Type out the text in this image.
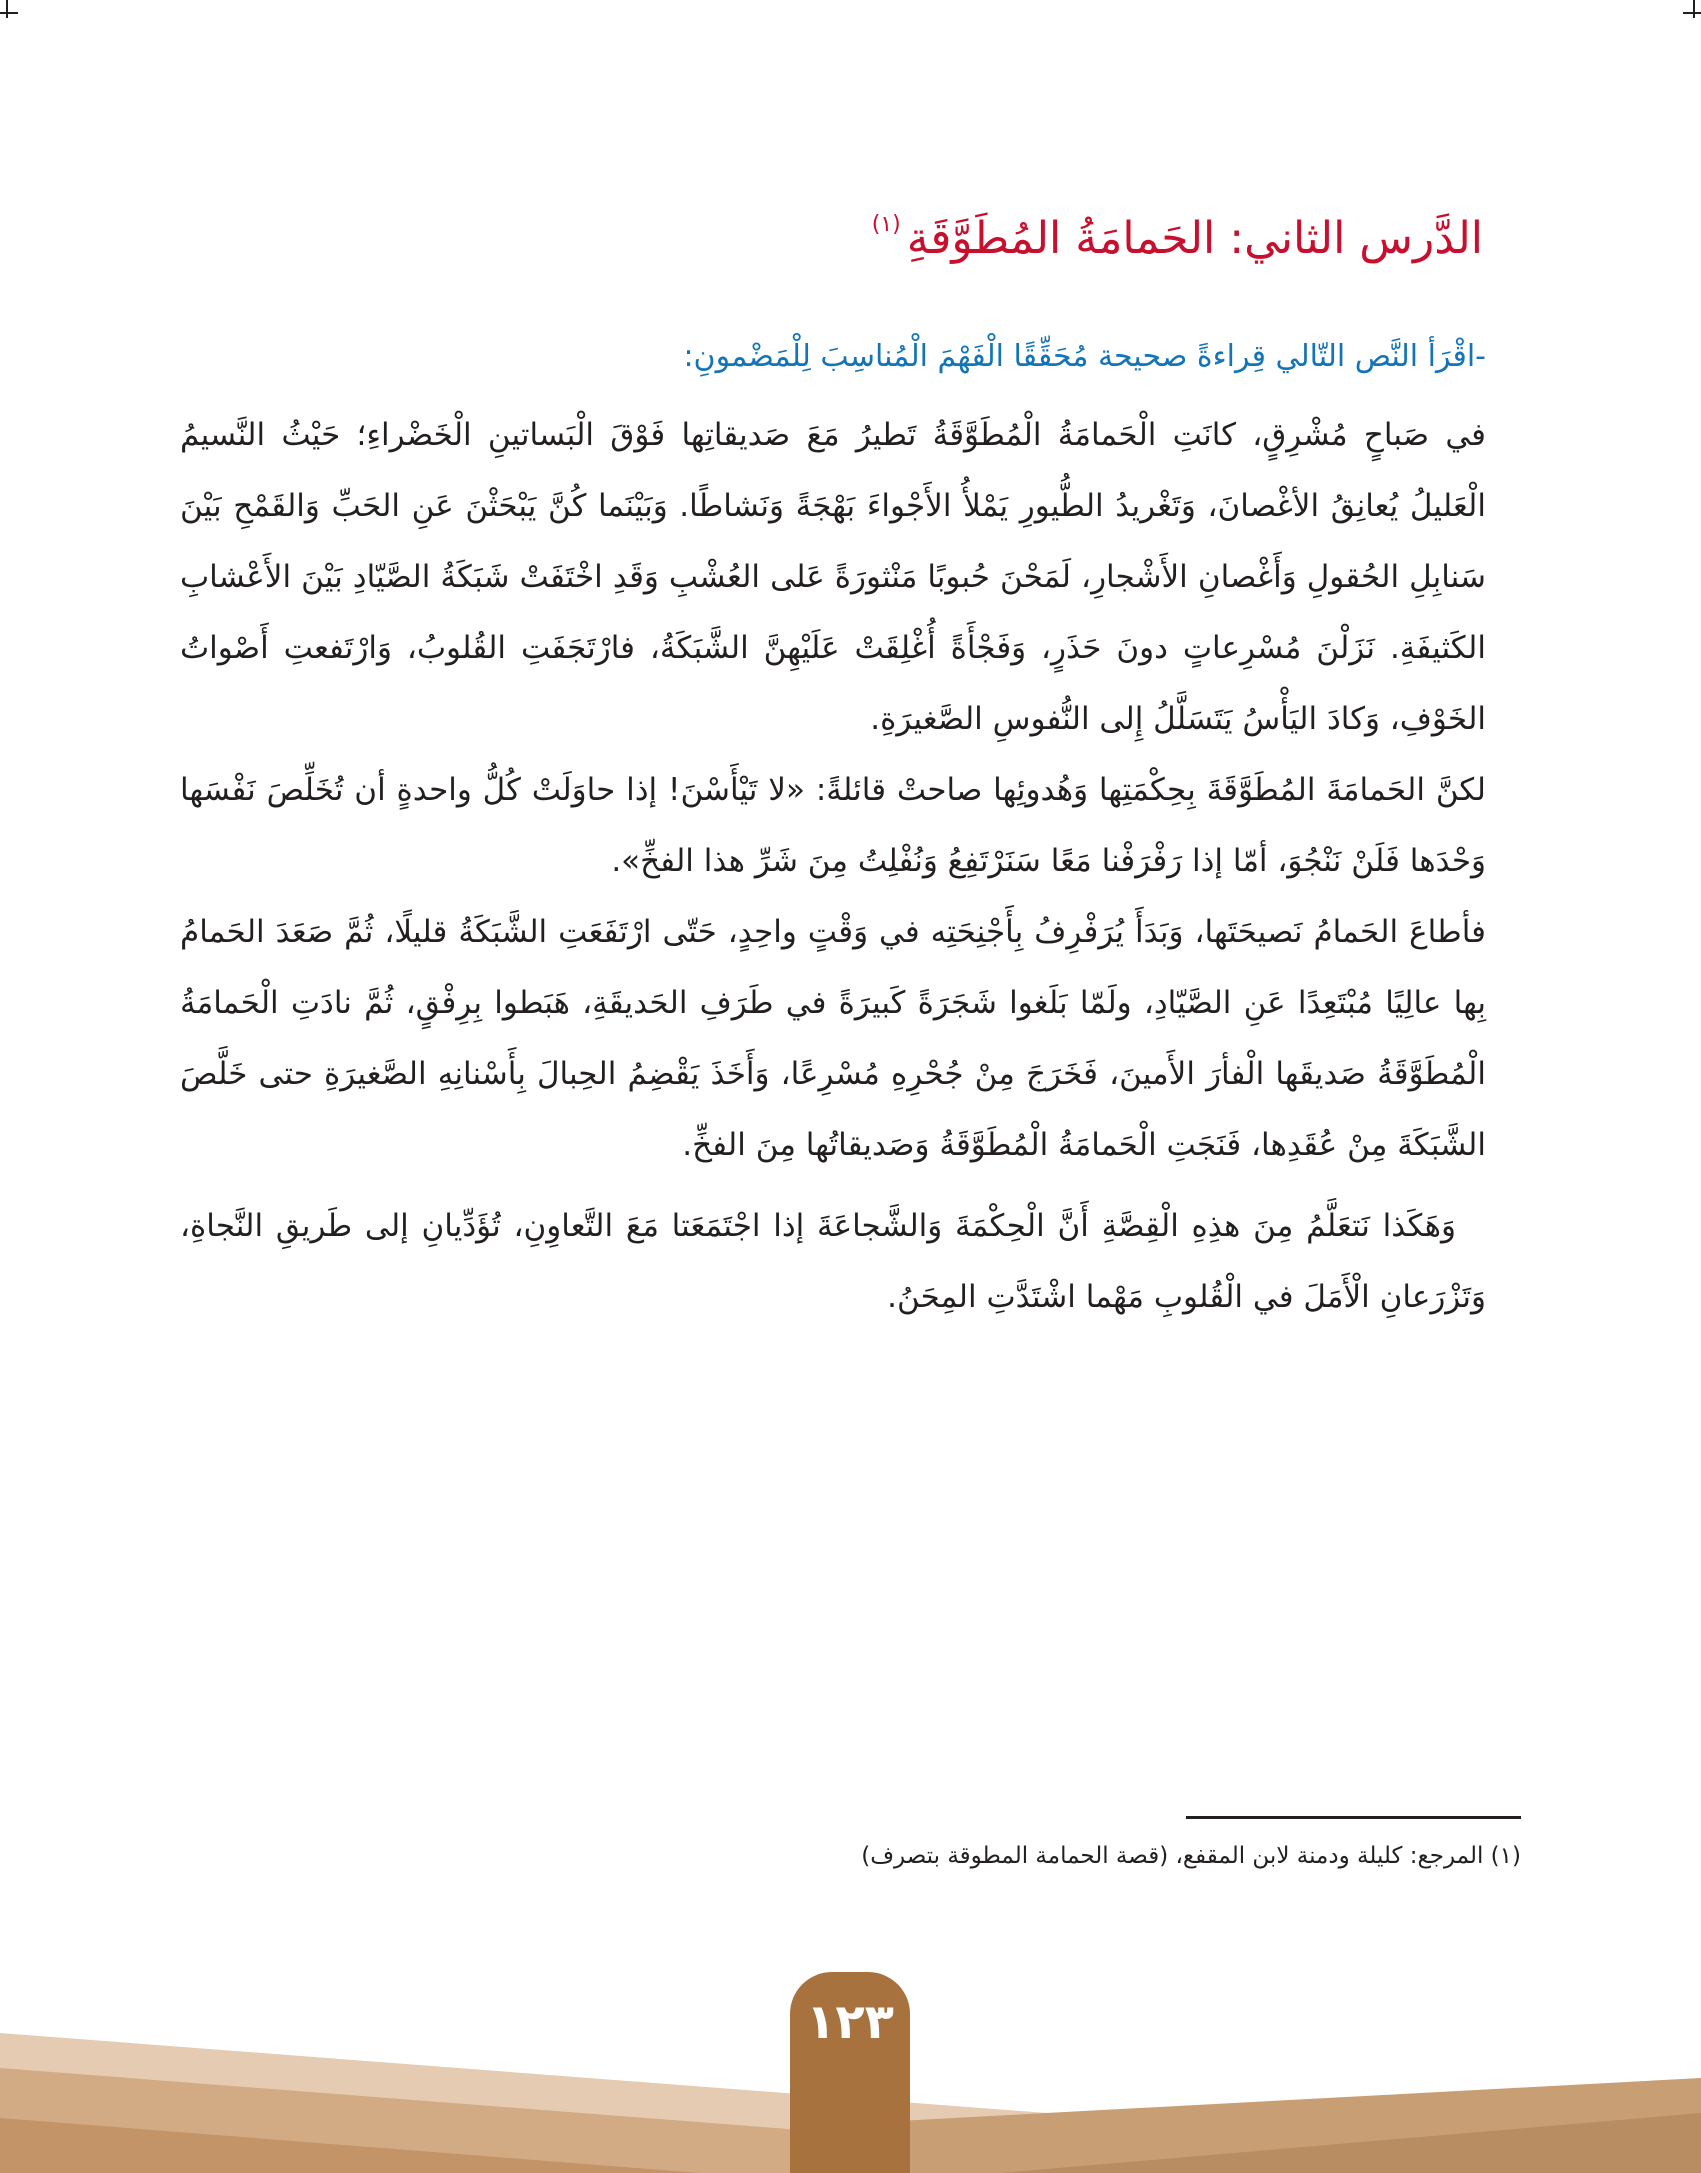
الدَّرس الثاني: الحَمامَةُ المُطَوَّقَةِ$^{(١)}$

-اقْرَأ النَّص التّالي قِراءةً صحيحة مُحَقِّقًا الْفَهْمَ الْمُناسِبَ لِلْمَضْمونِ:

في صَباحٍ مُشْرِقٍ، كانَتِ الْحَمامَةُ الْمُطَوَّقَةُ تَطيرُ مَعَ صَديقاتِها فَوْقَ الْبَساتينِ الْخَضْراءِ؛ حَيْثُ النَّسيمُ الْعَليلُ يُعانِقُ الأغْصانَ، وَتَغْريدُ الطُّيورِ يَمْلأُ الأَجْواءَ بَهْجَةً وَنَشاطًا. وَبَيْنَما كُنَّ يَبْحَثْنَ عَنِ الحَبِّ وَالقَمْحِ بَيْنَ سَنابِلِ الحُقولِ وَأَغْصانِ الأَشْجارِ، لَمَحْنَ حُبوبًا مَنْثورَةً عَلى العُشْبِ وَقَدِ اخْتَفَتْ شَبَكَةُ الصَّيّادِ بَيْنَ الأَعْشابِ الكَثيفَةِ. نَزَلْنَ مُسْرِعاتٍ دونَ حَذَرٍ، وَفَجْأَةً أُغْلِقَتْ عَلَيْهِنَّ الشَّبَكَةُ، فارْتَجَفَتِ القُلوبُ، وَارْتَفعتِ أَصْواتُ الخَوْفِ، وَكادَ اليَأْسُ يَتَسَلَّلُ إِلى النُّفوسِ الصَّغيرَةِ.

لكنَّ الحَمامَةَ المُطَوَّقَةَ بِحِكْمَتِها وَهُدوئِها صاحتْ قائلةً: «لا تَيْأَسْنَ! إذا حاوَلَتْ كُلُّ واحدةٍ أن تُخَلِّصَ نَفْسَها وَحْدَها فَلَنْ نَنْجُوَ، أمّا إذا رَفْرَفْنا مَعًا سَنَرْتَفِعُ وَنُفْلِتُ مِنَ شَرِّ هذا الفخِّ».

فأطاعَ الحَمامُ نَصيحَتَها، وَبَدَأَ يُرَفْرِفُ بِأَجْنِحَتِه في وَقْتٍ واحِدٍ، حَتّى ارْتَفَعَتِ الشَّبَكَةُ قليلًا، ثُمَّ صَعَدَ الحَمامُ بِها عالِيًا مُبْتَعِدًا عَنِ الصَّيّادِ، ولَمّا بَلَغوا شَجَرَةً كَبيرَةً في طَرَفِ الحَديقَةِ، هَبَطوا بِرِفْقٍ، ثُمَّ نادَتِ الْحَمامَةُ الْمُطَوَّقَةُ صَديقَها الْفأرَ الأَمينَ، فَخَرَجَ مِنْ جُحْرِهِ مُسْرِعًا، وَأَخَذَ يَقْضِمُ الحِبالَ بِأَسْنانِهِ الصَّغيرَةِ حتى خَلَّصَ الشَّبَكَةَ مِنْ عُقَدِها، فَنَجَتِ الْحَمامَةُ الْمُطَوَّقَةُ وَصَديقاتُها مِنَ الفخِّ.

وَهَكَذا نَتعَلَّمُ مِنَ هذِهِ الْقِصَّةِ أَنَّ الْحِكْمَةَ وَالشَّجاعَةَ إذا اجْتَمَعَتا مَعَ التَّعاوِنِ، تُؤَدِّيانِ إلى طَريقِ النَّجاةِ، وَتَزْرَعانِ الْأَمَلَ في الْقُلوبِ مَهْما اشْتَدَّتِ المِحَنُ.

(١) المرجع: كليلة ودمنة لابن المقفع، (قصة الحمامة المطوقة بتصرف)

١٢٣
